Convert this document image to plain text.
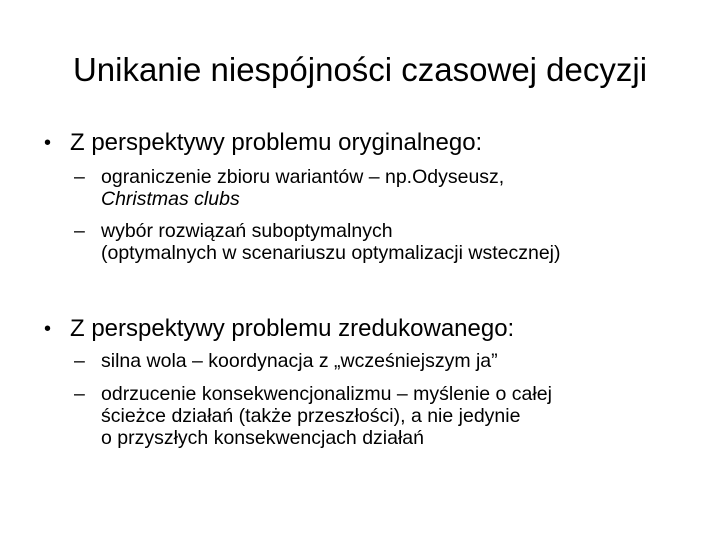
Unikanie niespójności czasowej decyzji
• Z perspektywy problemu oryginalnego:
– ograniczenie zbioru wariantów – np.Odyseusz,
Christmas clubs
– wybór rozwiązań suboptymalnych
(optymalnych w scenariuszu optymalizacji wstecznej)
• Z perspektywy problemu zredukowanego:
– silna wola – koordynacja z „wcześniejszym ja”
– odrzucenie konsekwencjonalizmu – myślenie o całej
ścieżce działań (także przeszłości), a nie jedynie
o przyszłych konsekwencjach działań
